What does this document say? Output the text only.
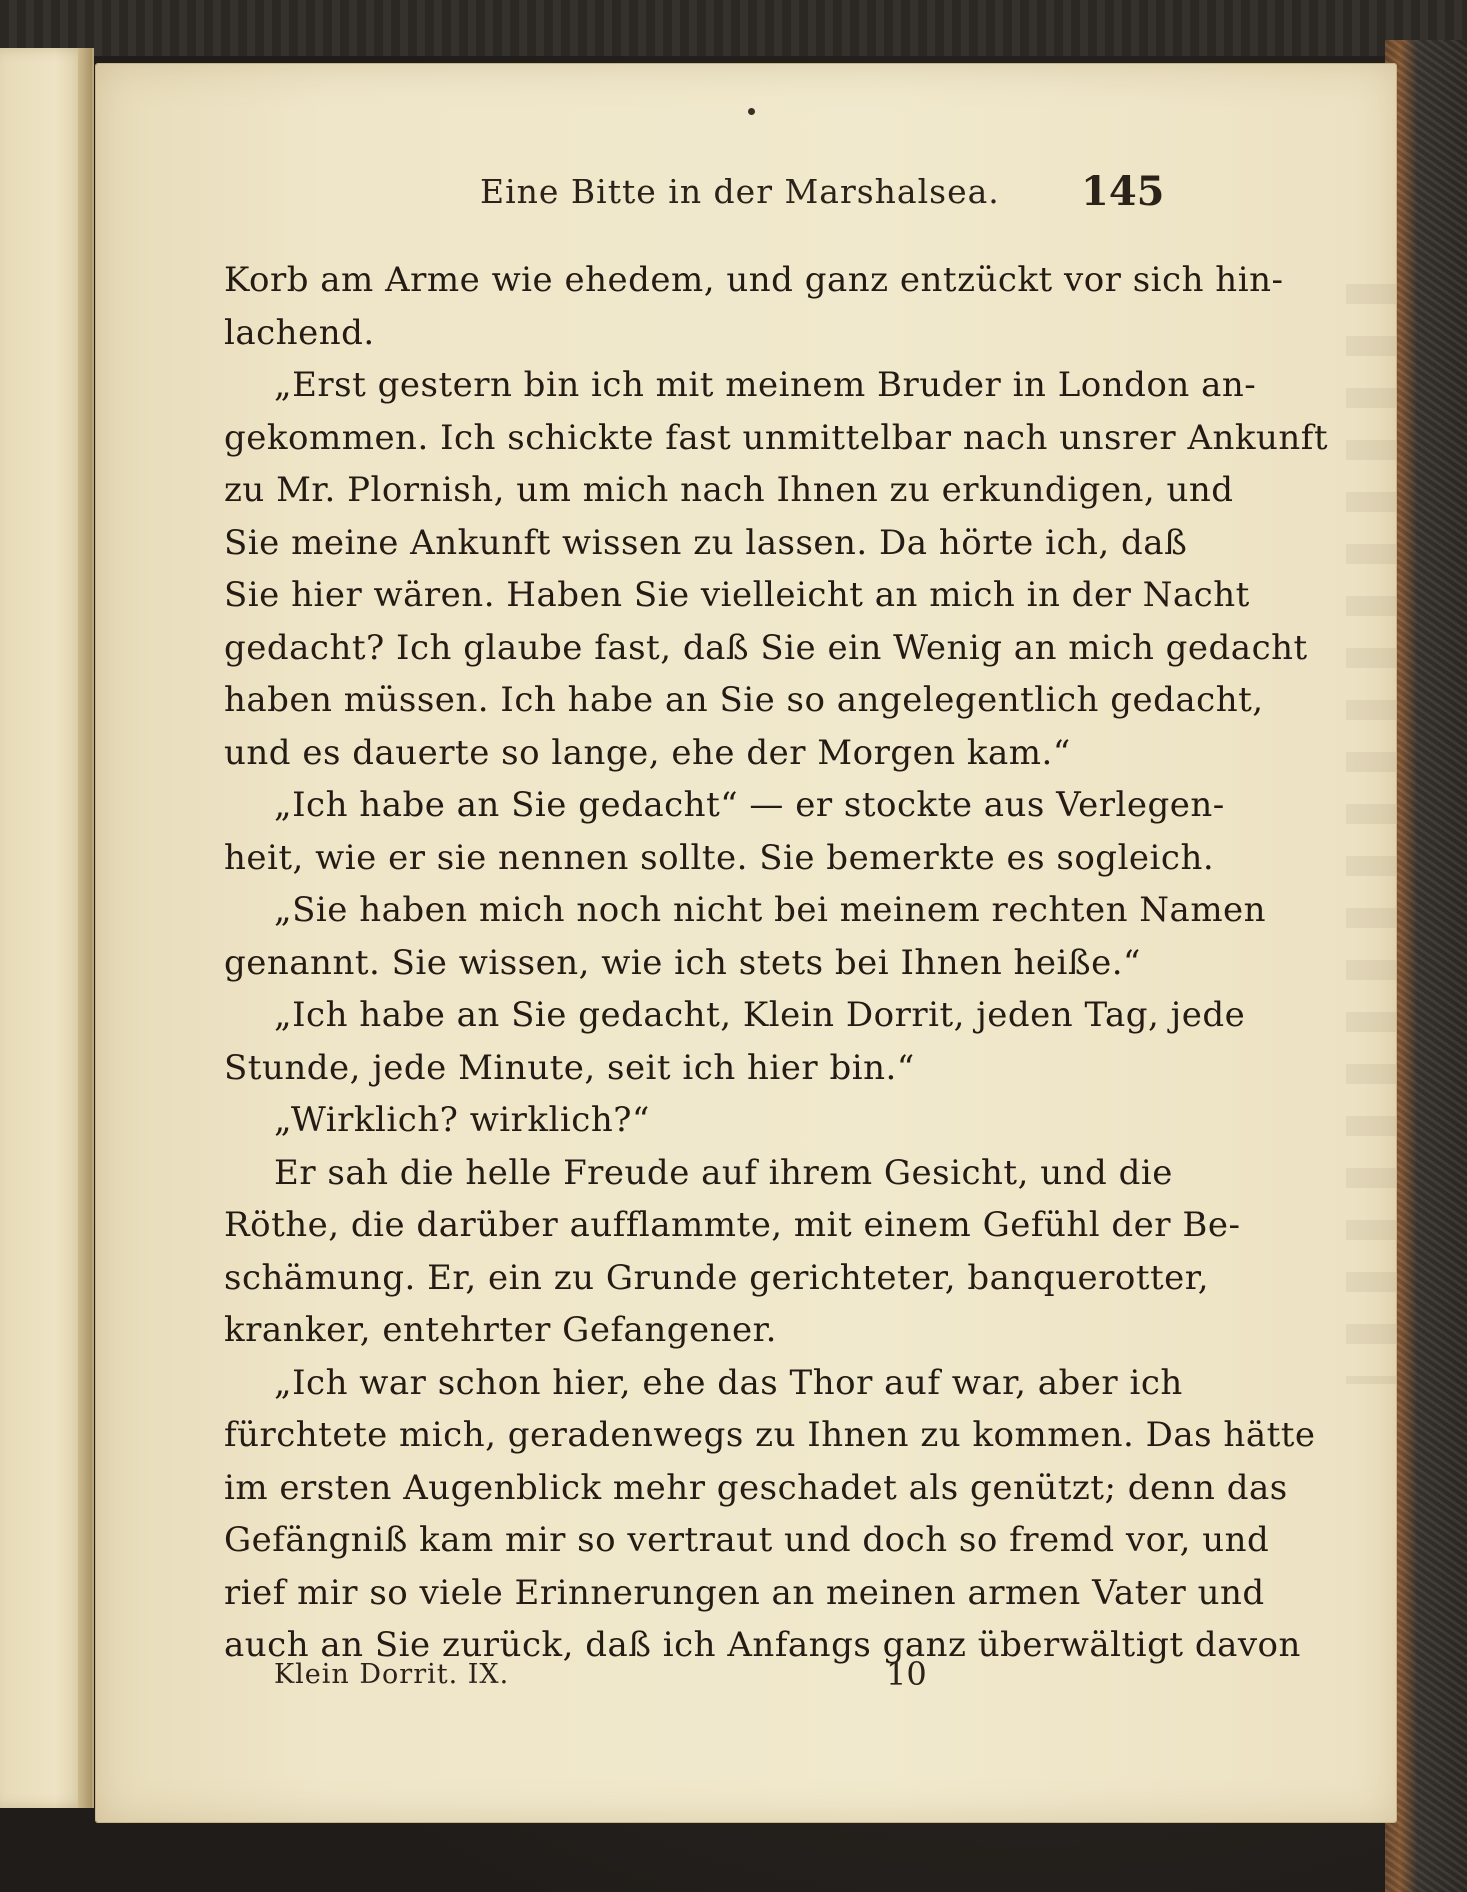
Eine Bitte in der Marshalsea. 145
Korb am Arme wie ehedem, und ganz entzückt vor sich hin-
lachend.
„Erst gestern bin ich mit meinem Bruder in London an-
gekommen. Ich schickte fast unmittelbar nach unsrer Ankunft
zu Mr. Plornish, um mich nach Ihnen zu erkundigen, und
Sie meine Ankunft wissen zu lassen. Da hörte ich, daß
Sie hier wären. Haben Sie vielleicht an mich in der Nacht
gedacht? Ich glaube fast, daß Sie ein Wenig an mich gedacht
haben müssen. Ich habe an Sie so angelegentlich gedacht,
und es dauerte so lange, ehe der Morgen kam.“
„Ich habe an Sie gedacht“ — er stockte aus Verlegen-
heit, wie er sie nennen sollte. Sie bemerkte es sogleich.
„Sie haben mich noch nicht bei meinem rechten Namen
genannt. Sie wissen, wie ich stets bei Ihnen heiße.“
„Ich habe an Sie gedacht, Klein Dorrit, jeden Tag, jede
Stunde, jede Minute, seit ich hier bin.“
„Wirklich? wirklich?“
Er sah die helle Freude auf ihrem Gesicht, und die
Röthe, die darüber aufflammte, mit einem Gefühl der Be-
schämung. Er, ein zu Grunde gerichteter, banquerotter,
kranker, entehrter Gefangener.
„Ich war schon hier, ehe das Thor auf war, aber ich
fürchtete mich, geradenwegs zu Ihnen zu kommen. Das hätte
im ersten Augenblick mehr geschadet als genützt; denn das
Gefängniß kam mir so vertraut und doch so fremd vor, und
rief mir so viele Erinnerungen an meinen armen Vater und
auch an Sie zurück, daß ich Anfangs ganz überwältigt davon
Klein Dorrit. IX.	10
